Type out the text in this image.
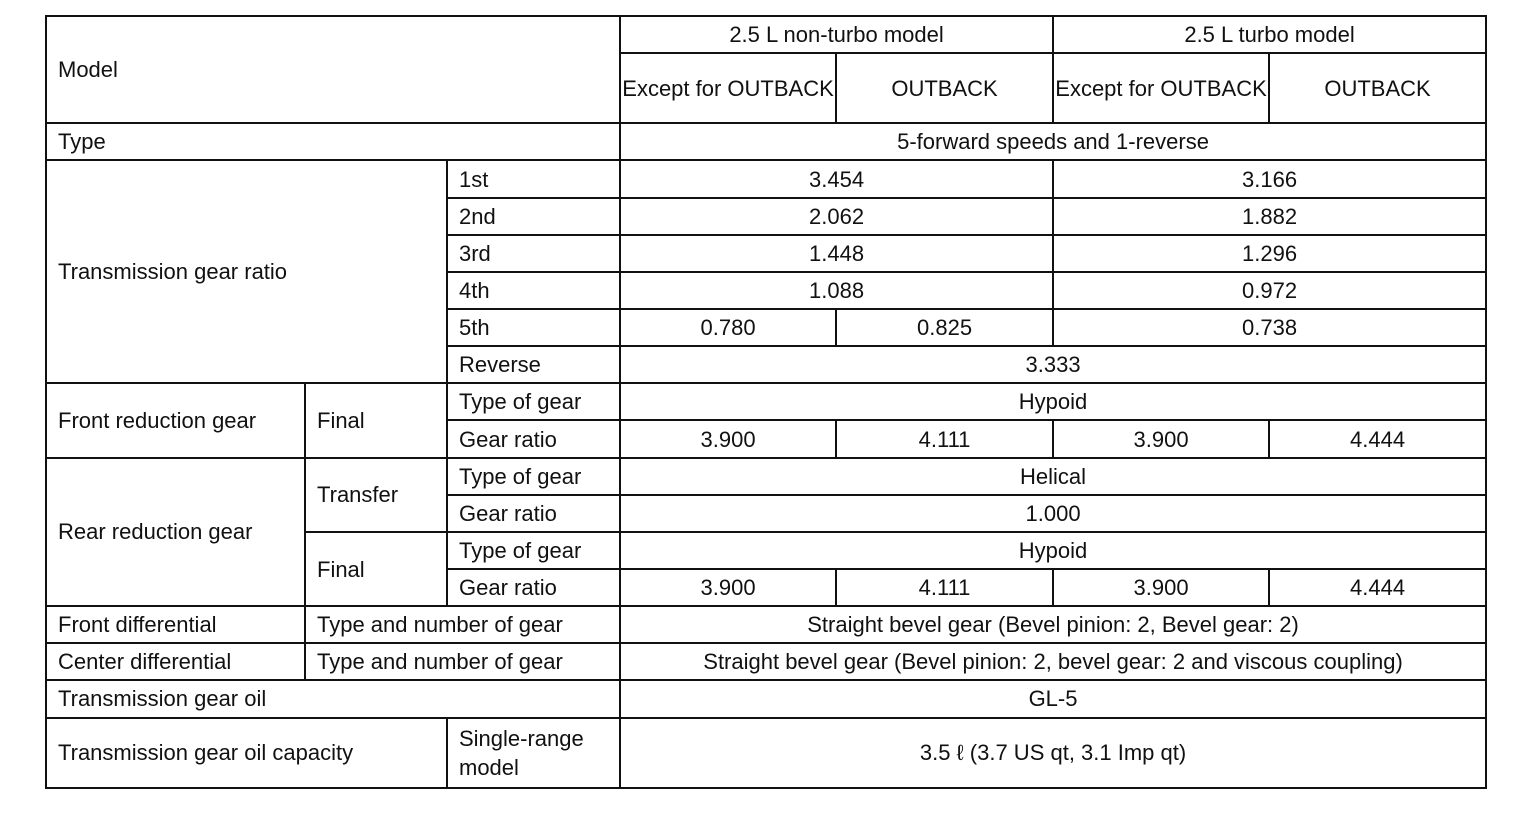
Model			2.5 L non-turbo model		2.5 L turbo model	
			Except for OUTBACK	OUTBACK	Except for OUTBACK	OUTBACK
Type			5-forward speeds and 1-reverse			
Transmission gear ratio		1st	3.454		3.166	
		2nd	2.062		1.882	
		3rd	1.448		1.296	
		4th	1.088		0.972	
		5th	0.780	0.825	0.738	
		Reverse	3.333			
Front reduction gear	Final	Type of gear	Hypoid			
		Gear ratio	3.900	4.111	3.900	4.444
Rear reduction gear	Transfer	Type of gear	Helical			
		Gear ratio	1.000			
	Final	Type of gear	Hypoid			
		Gear ratio	3.900	4.111	3.900	4.444
Front differential	Type and number of gear		Straight bevel gear (Bevel pinion: 2, Bevel gear: 2)			
Center differential	Type and number of gear		Straight bevel gear (Bevel pinion: 2, bevel gear: 2 and viscous coupling)			
Transmission gear oil			GL-5			
Transmission gear oil capacity		Single-range model	3.5 ℓ (3.7 US qt, 3.1 Imp qt)			
